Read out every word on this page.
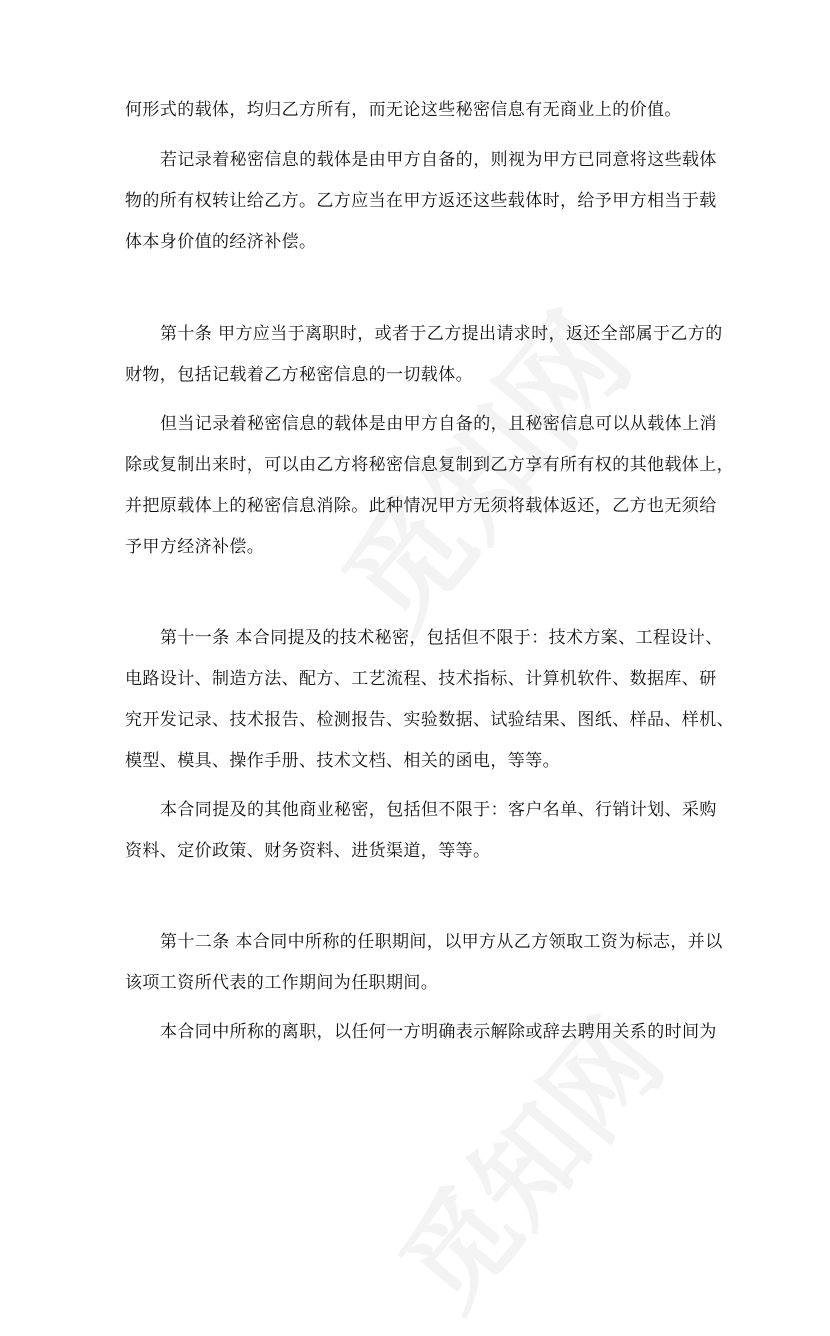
何形式的载体，均归乙方所有，而无论这些秘密信息有无商业上的价值。

若记录着秘密信息的载体是由甲方自备的，则视为甲方已同意将这些载体

物的所有权转让给乙方。乙方应当在甲方返还这些载体时，给予甲方相当于载

体本身价值的经济补偿。

第十条 甲方应当于离职时，或者于乙方提出请求时，返还全部属于乙方的

财物，包括记载着乙方秘密信息的一切载体。

但当记录着秘密信息的载体是由甲方自备的，且秘密信息可以从载体上消

除或复制出来时，可以由乙方将秘密信息复制到乙方享有所有权的其他载体上，

并把原载体上的秘密信息消除。此种情况甲方无须将载体返还，乙方也无须给

予甲方经济补偿。

第十一条 本合同提及的技术秘密，包括但不限于：技术方案、工程设计、

电路设计、制造方法、配方、工艺流程、技术指标、计算机软件、数据库、研

究开发记录、技术报告、检测报告、实验数据、试验结果、图纸、样品、样机、

模型、模具、操作手册、技术文档、相关的函电，等等。

本合同提及的其他商业秘密，包括但不限于：客户名单、行销计划、采购

资料、定价政策、财务资料、进货渠道，等等。

第十二条 本合同中所称的任职期间，以甲方从乙方领取工资为标志，并以

该项工资所代表的工作期间为任职期间。

本合同中所称的离职，以任何一方明确表示解除或辞去聘用关系的时间为
